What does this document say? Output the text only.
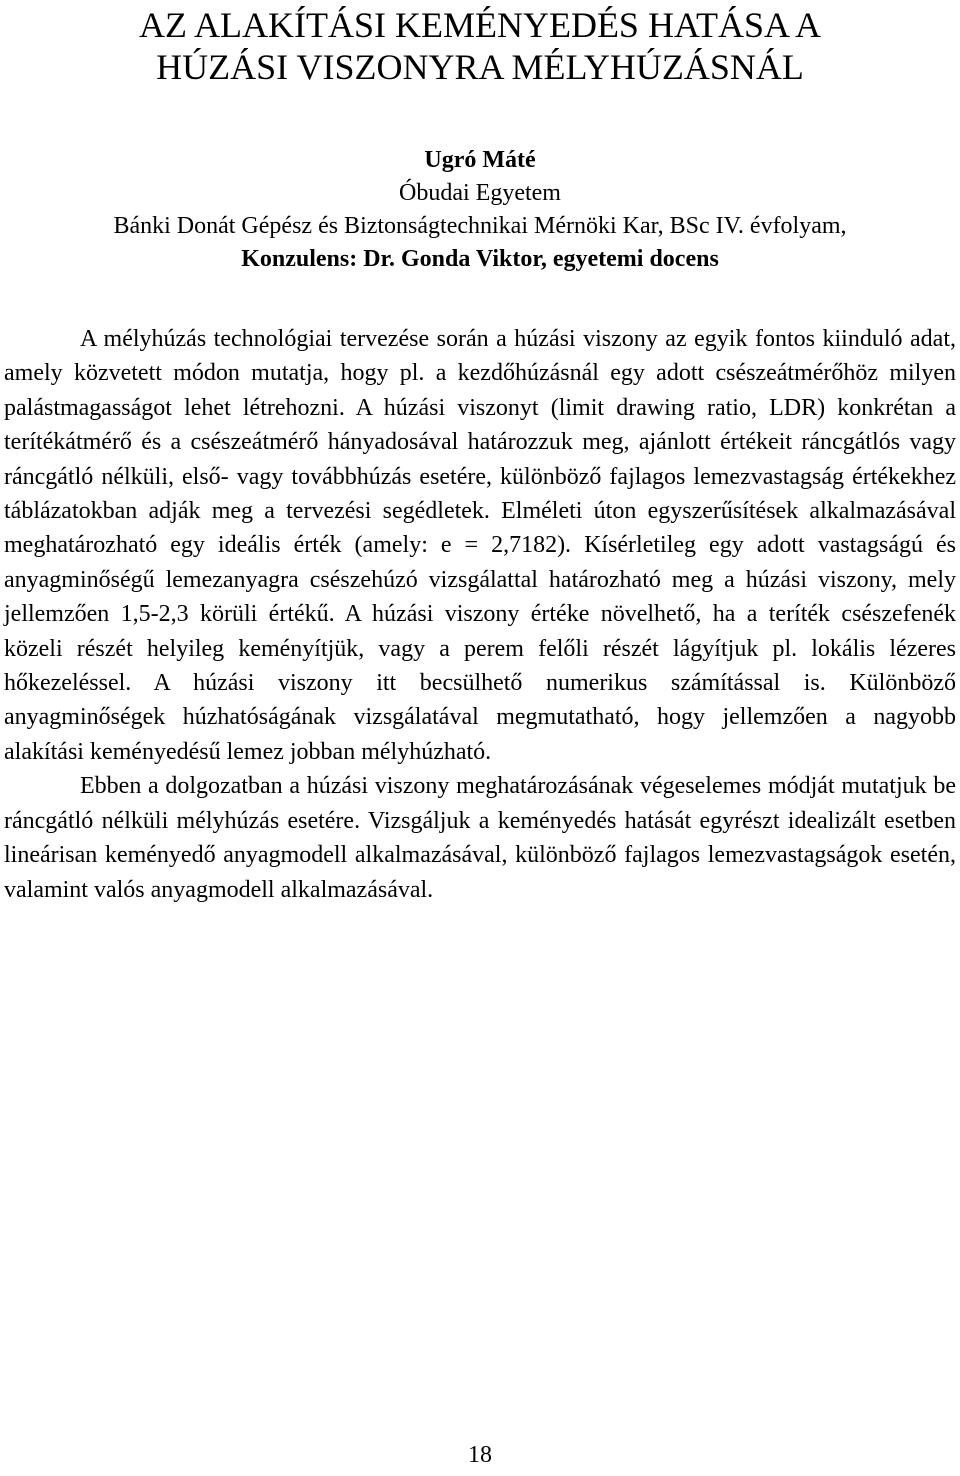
AZ ALAKÍTÁSI KEMÉNYEDÉS HATÁSA A
HÚZÁSI VISZONYRA MÉLYHÚZÁSNÁL
Ugró Máté
Óbudai Egyetem
Bánki Donát Gépész és Biztonságtechnikai Mérnöki Kar, BSc IV. évfolyam,
Konzulens: Dr. Gonda Viktor, egyetemi docens

A mélyhúzás technológiai tervezése során a húzási viszony az egyik fontos kiinduló adat, amely közvetett módon mutatja, hogy pl. a kezdőhúzásnál egy adott csészeátmérőhöz milyen palástmagasságot lehet létrehozni. A húzási viszonyt (limit drawing ratio, LDR) konkrétan a terítékátmérő és a csészeátmérő hányadosával határozzuk meg, ajánlott értékeit ráncgátlós vagy ráncgátló nélküli, első- vagy továbbhúzás esetére, különböző fajlagos lemezvastagság értékekhez táblázatokban adják meg a tervezési segédletek. Elméleti úton egyszerűsítések alkalmazásával meghatározható egy ideális érték (amely: e = 2,7182). Kísérletileg egy adott vastagságú és anyagminőségű lemezanyagra csészehúzó vizsgálattal határozható meg a húzási viszony, mely jellemzően 1,5-2,3 körüli értékű. A húzási viszony értéke növelhető, ha a teríték csészefenék közeli részét helyileg keményítjük, vagy a perem felőli részét lágyítjuk pl. lokális lézeres hőkezeléssel. A húzási viszony itt becsülhető numerikus számítással is. Különböző anyagminőségek húzhatóságának vizsgálatával megmutatható, hogy jellemzően a nagyobb alakítási keményedésű lemez jobban mélyhúzható.

Ebben a dolgozatban a húzási viszony meghatározásának végeselemes módját mutatjuk be ráncgátló nélküli mélyhúzás esetére. Vizsgáljuk a keményedés hatását egyrészt idealizált esetben lineárisan keményedő anyagmodell alkalmazásával, különböző fajlagos lemezvastagságok esetén, valamint valós anyagmodell alkalmazásával.

18
